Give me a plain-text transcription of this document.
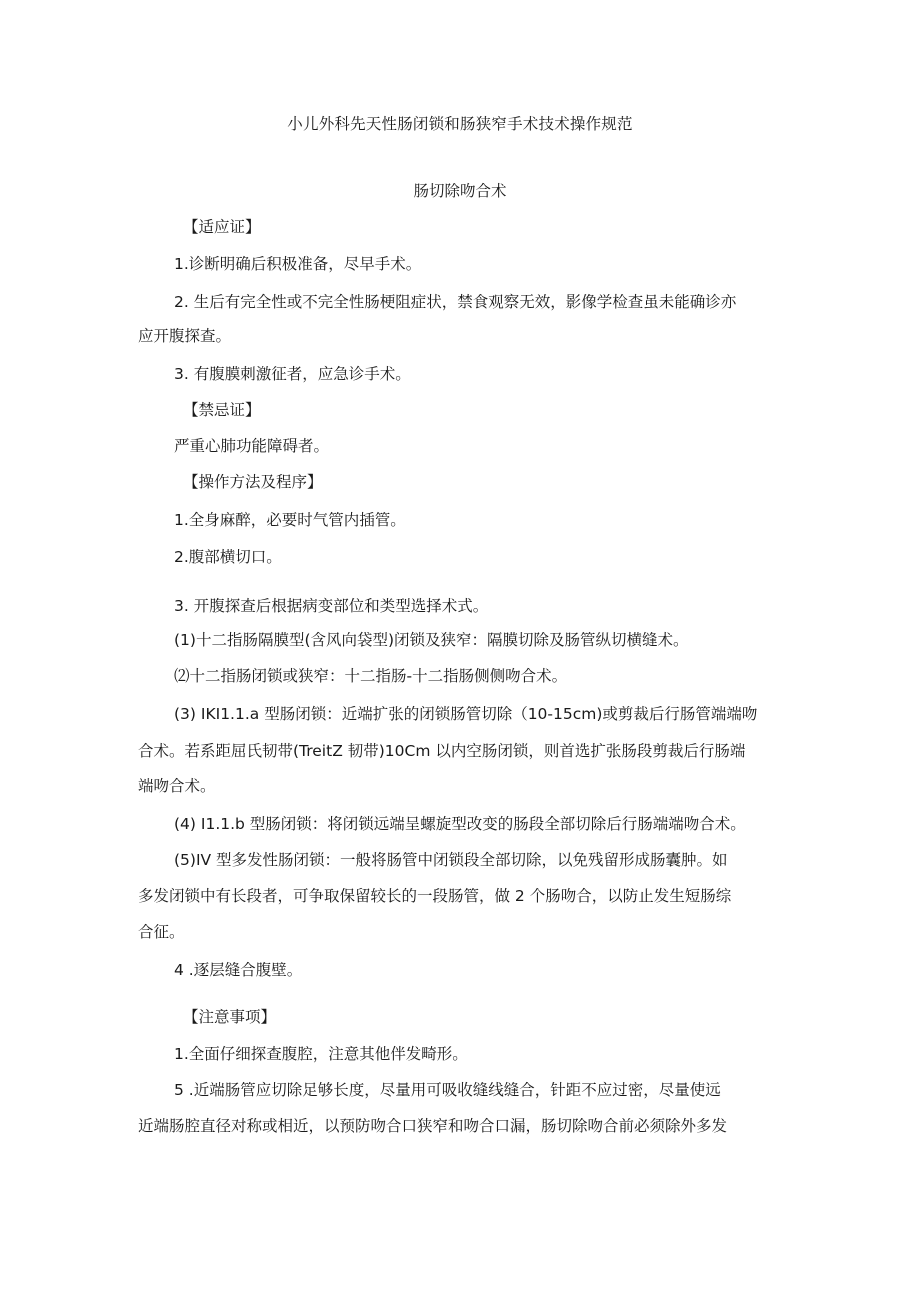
小儿外科先天性肠闭锁和肠狭窄手术技术操作规范
肠切除吻合术
【适应证】
1.诊断明确后积极准备，尽早手术。
2. 生后有完全性或不完全性肠梗阻症状，禁食观察无效，影像学检查虽未能确诊亦
应开腹探查。
3. 有腹膜刺激征者，应急诊手术。
【禁忌证】
严重心肺功能障碍者。
【操作方法及程序】
1.全身麻醉，必要时气管内插管。
2.腹部横切口。
3. 开腹探查后根据病变部位和类型选择术式。
(1)十二指肠隔膜型(含风向袋型)闭锁及狭窄：隔膜切除及肠管纵切横缝术。
⑵十二指肠闭锁或狭窄：十二指肠-十二指肠侧侧吻合术。
(3) IKI1.1.a 型肠闭锁：近端扩张的闭锁肠管切除（10-15cm)或剪裁后行肠管端端吻
合术。若系距屈氏韧带(TreitZ 韧带)10Cm 以内空肠闭锁，则首选扩张肠段剪裁后行肠端
端吻合术。
(4) I1.1.b 型肠闭锁：将闭锁远端呈螺旋型改变的肠段全部切除后行肠端端吻合术。
(5)IV 型多发性肠闭锁：一般将肠管中闭锁段全部切除，以免残留形成肠囊肿。如
多发闭锁中有长段者，可争取保留较长的一段肠管，做 2 个肠吻合，以防止发生短肠综
合征。
4 .逐层缝合腹壁。
【注意事项】
1.全面仔细探查腹腔，注意其他伴发畸形。
5 .近端肠管应切除足够长度，尽量用可吸收缝线缝合，针距不应过密，尽量使远
近端肠腔直径对称或相近，以预防吻合口狭窄和吻合口漏，肠切除吻合前必须除外多发
